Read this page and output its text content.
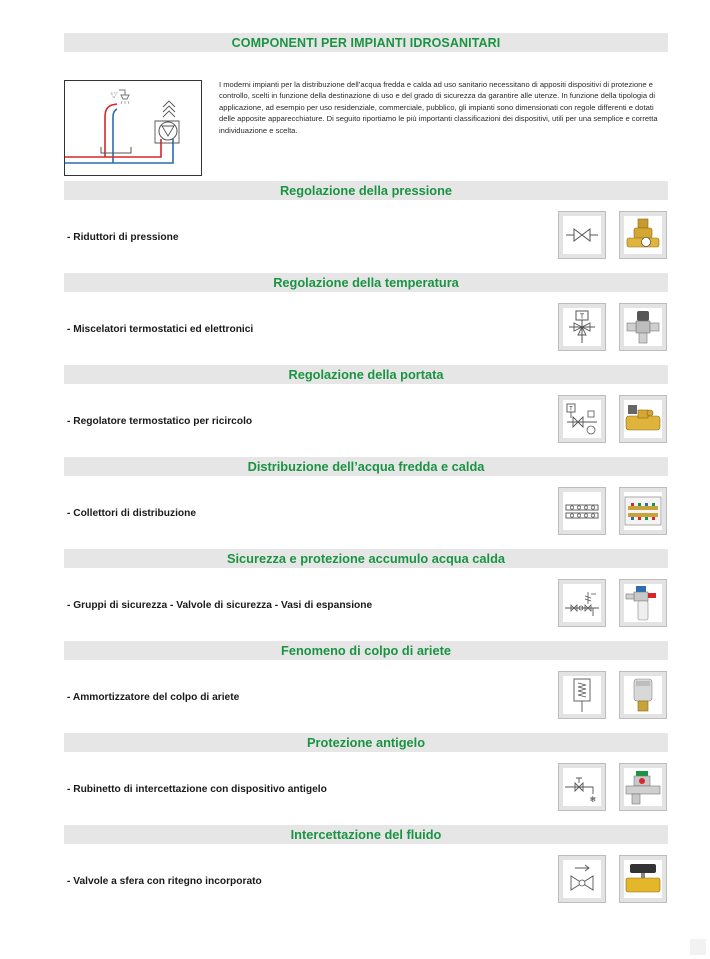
COMPONENTI PER IMPIANTI IDROSANITARI
I moderni impianti per la distribuzione dell’acqua fredda e calda ad uso sanitario necessitano di appositi dispositivi di protezione e controllo, scelti in funzione della destinazione di uso e del grado di sicurezza da garantire alle utenze. In funzione della tipologia di applicazione, ad esempio per uso residenziale, commerciale, pubblico, gli impianti sono dimensionati con regole differenti e dotati delle apposite apparecchiature. Di seguito riportiamo le più importanti classificazioni dei dispositivi, utili per una semplice e corretta individuazione e scelta.
Regolazione della pressione
- Riduttori di pressione
Regolazione della temperatura
- Miscelatori termostatici ed elettronici
T
Regolazione della portata
- Regolatore termostatico per ricircolo
T
Distribuzione dell’acqua fredda e calda
- Collettori di distribuzione
Sicurezza e protezione accumulo acqua calda
- Gruppi di sicurezza - Valvole di sicurezza - Vasi di espansione
Fenomeno di colpo di ariete
- Ammortizzatore del colpo di ariete
Protezione antigelo
- Rubinetto di intercettazione con dispositivo antigelo
❄
Intercettazione del fluido
- Valvole a sfera con ritegno incorporato
